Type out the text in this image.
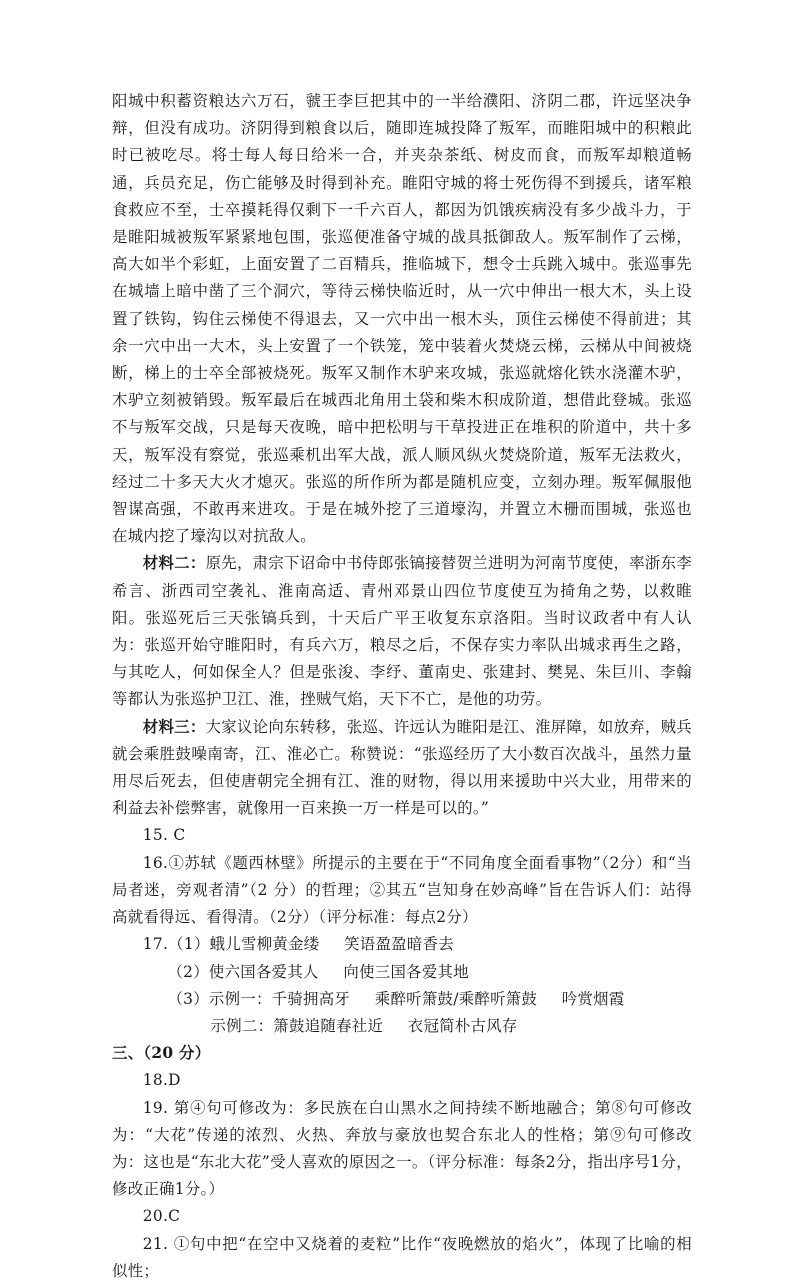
阳城中积蓄资粮达六万石，虢王李巨把其中的一半给濮阳、济阴二郡，许远坚决争辩，但没有成功。济阴得到粮食以后，随即连城投降了叛军，而睢阳城中的积粮此时已被吃尽。将士每人每日给米一合，并夹杂茶纸、树皮而食，而叛军却粮道畅通，兵员充足，伤亡能够及时得到补充。睢阳守城的将士死伤得不到援兵，诸军粮食救应不至，士卒摸耗得仅剩下一千六百人，都因为饥饿疾病没有多少战斗力，于是睢阳城被叛军紧紧地包围，张巡便准备守城的战具抵御敌人。叛军制作了云梯，高大如半个彩虹，上面安置了二百精兵，推临城下，想令士兵跳入城中。张巡事先在城墙上暗中凿了三个洞穴，等待云梯快临近时，从一穴中伸出一根大木，头上设置了铁钩，钩住云梯使不得退去，又一穴中出一根木头，顶住云梯使不得前进；其余一穴中出一大木，头上安置了一个铁笼，笼中装着火焚烧云梯，云梯从中间被烧断，梯上的士卒全部被烧死。叛军又制作木驴来攻城，张巡就熔化铁水浇灌木驴，木驴立刻被销毁。叛军最后在城西北角用土袋和柴木积成阶道，想借此登城。张巡不与叛军交战，只是每天夜晚，暗中把松明与干草投进正在堆积的阶道中，共十多天，叛军没有察觉，张巡乘机出军大战，派人顺风纵火焚烧阶道，叛军无法救火，经过二十多天大火才熄灭。张巡的所作所为都是随机应变，立刻办理。叛军佩服他智谋高强，不敢再来进攻。于是在城外挖了三道壕沟，并置立木栅而围城，张巡也在城内挖了壕沟以对抗敌人。

材料二：原先，肃宗下诏命中书侍郎张镐接替贺兰进明为河南节度使，率浙东李希言、浙西司空袭礼、淮南高适、青州邓景山四位节度使互为掎角之势，以救睢阳。张巡死后三天张镐兵到，十天后广平王收复东京洛阳。当时议政者中有人认为：张巡开始守睢阳时，有兵六万，粮尽之后，不保存实力率队出城求再生之路，与其吃人，何如保全人？但是张浚、李纾、董南史、张建封、樊晃、朱巨川、李翰等都认为张巡护卫江、淮，挫贼气焰，天下不亡，是他的功劳。

材料三：大家议论向东转移，张巡、许远认为睢阳是江、淮屏障，如放弃，贼兵就会乘胜鼓噪南寄，江、淮必亡。称赞说：“张巡经历了大小数百次战斗，虽然力量用尽后死去，但使唐朝完全拥有江、淮的财物，得以用来援助中兴大业，用带来的利益去补偿弊害，就像用一百来换一万一样是可以的。”

15. C

16.①苏轼《题西林壁》所提示的主要在于“不同角度全面看事物”（2分）和“当局者迷，旁观者清”（2 分）的哲理；②其五“岂知身在妙高峰”旨在告诉人们：站得高就看得远、看得清。（2分）（评分标准：每点2分）

17.（1）蛾儿雪柳黄金缕 笑语盈盈暗香去

（2）使六国各爱其人 向使三国各爱其地

（3）示例一：千骑拥高牙 乘醉听箫鼓/乘醉听箫鼓 吟赏烟霞

示例二：箫鼓追随春社近 衣冠简朴古风存

三、（20 分）

18.D

19. 第④句可修改为：多民族在白山黑水之间持续不断地融合；第⑧句可修改为：“大花”传递的浓烈、火热、奔放与豪放也契合东北人的性格；第⑨句可修改为：这也是“东北大花”受人喜欢的原因之一。（评分标准：每条2分，指出序号1分，修改正确1分。）

20.C

21. ①句中把“在空中又烧着的麦粒”比作“夜晚燃放的焰火”，体现了比喻的相似性；
